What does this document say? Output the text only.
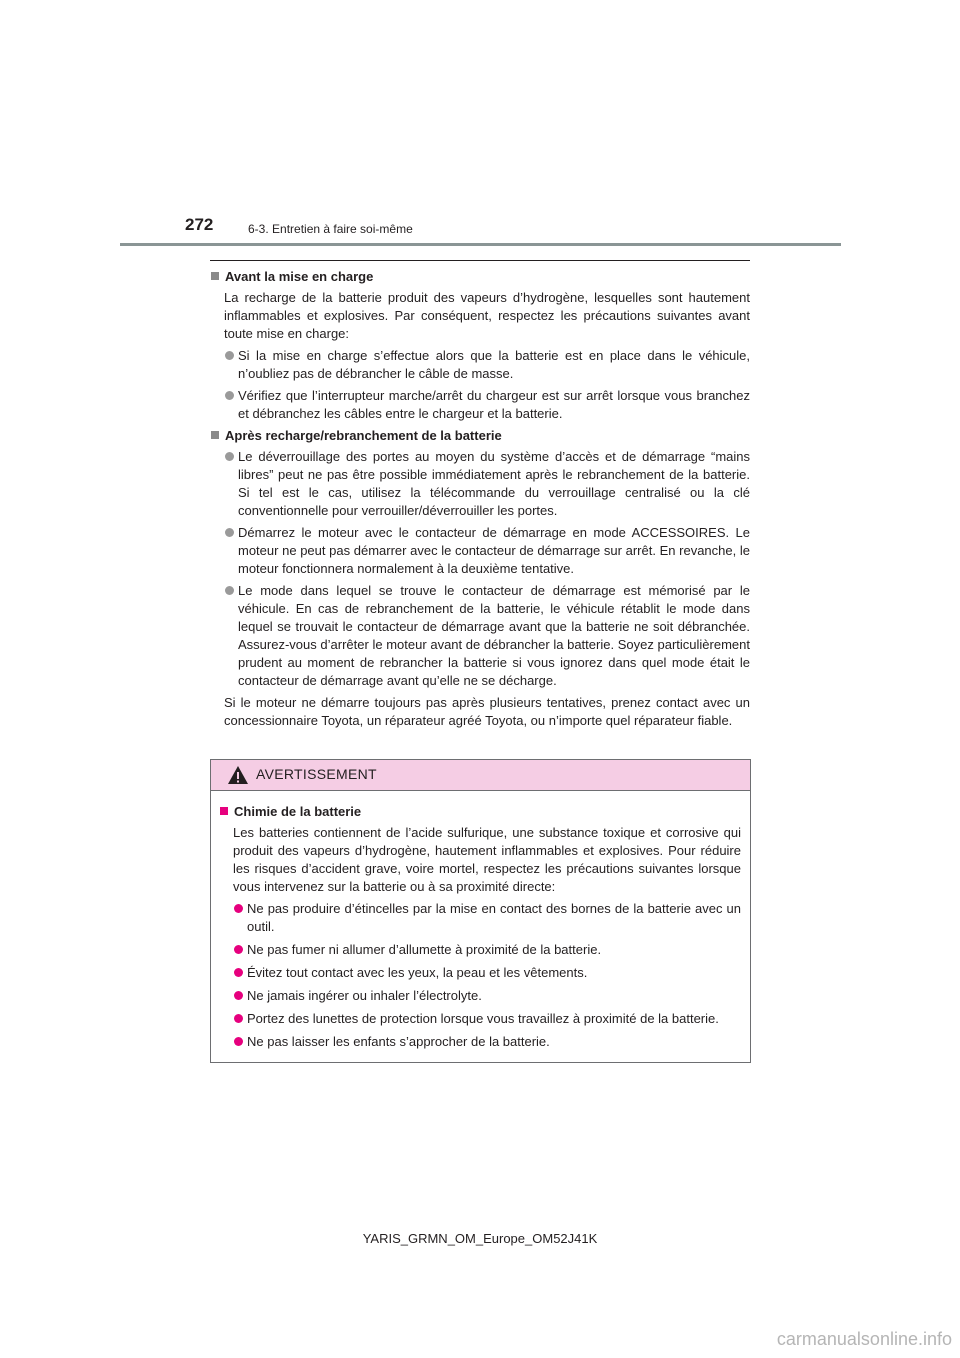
272	6-3. Entretien à faire soi-même
Avant la mise en charge
La recharge de la batterie produit des vapeurs d’hydrogène, lesquelles sont hautement inflammables et explosives. Par conséquent, respectez les précautions suivantes avant toute mise en charge:
Si la mise en charge s’effectue alors que la batterie est en place dans le véhicule, n’oubliez pas de débrancher le câble de masse.
Vérifiez que l’interrupteur marche/arrêt du chargeur est sur arrêt lorsque vous branchez et débranchez les câbles entre le chargeur et la batterie.
Après recharge/rebranchement de la batterie
Le déverrouillage des portes au moyen du système d’accès et de démarrage “mains libres” peut ne pas être possible immédiatement après le rebranchement de la batterie. Si tel est le cas, utilisez la télécommande du verrouillage centralisé ou la clé conventionnelle pour verrouiller/déverrouiller les portes.
Démarrez le moteur avec le contacteur de démarrage en mode ACCESSOIRES. Le moteur ne peut pas démarrer avec le contacteur de démarrage sur arrêt. En revanche, le moteur fonctionnera normalement à la deuxième tentative.
Le mode dans lequel se trouve le contacteur de démarrage est mémorisé par le véhicule. En cas de rebranchement de la batterie, le véhicule rétablit le mode dans lequel se trouvait le contacteur de démarrage avant que la batterie ne soit débranchée. Assurez-vous d’arrêter le moteur avant de débrancher la batterie. Soyez particulièrement prudent au moment de rebrancher la batterie si vous ignorez dans quel mode était le contacteur de démarrage avant qu’elle ne se décharge.
Si le moteur ne démarre toujours pas après plusieurs tentatives, prenez contact avec un concessionnaire Toyota, un réparateur agréé Toyota, ou n’importe quel réparateur fiable.
AVERTISSEMENT
Chimie de la batterie
Les batteries contiennent de l’acide sulfurique, une substance toxique et corrosive qui produit des vapeurs d’hydrogène, hautement inflammables et explosives. Pour réduire les risques d’accident grave, voire mortel, respectez les précautions suivantes lorsque vous intervenez sur la batterie ou à sa proximité directe:
Ne pas produire d’étincelles par la mise en contact des bornes de la batterie avec un outil.
Ne pas fumer ni allumer d’allumette à proximité de la batterie.
Évitez tout contact avec les yeux, la peau et les vêtements.
Ne jamais ingérer ou inhaler l’électrolyte.
Portez des lunettes de protection lorsque vous travaillez à proximité de la batterie.
Ne pas laisser les enfants s’approcher de la batterie.
YARIS_GRMN_OM_Europe_OM52J41K
carmanualsonline.info
